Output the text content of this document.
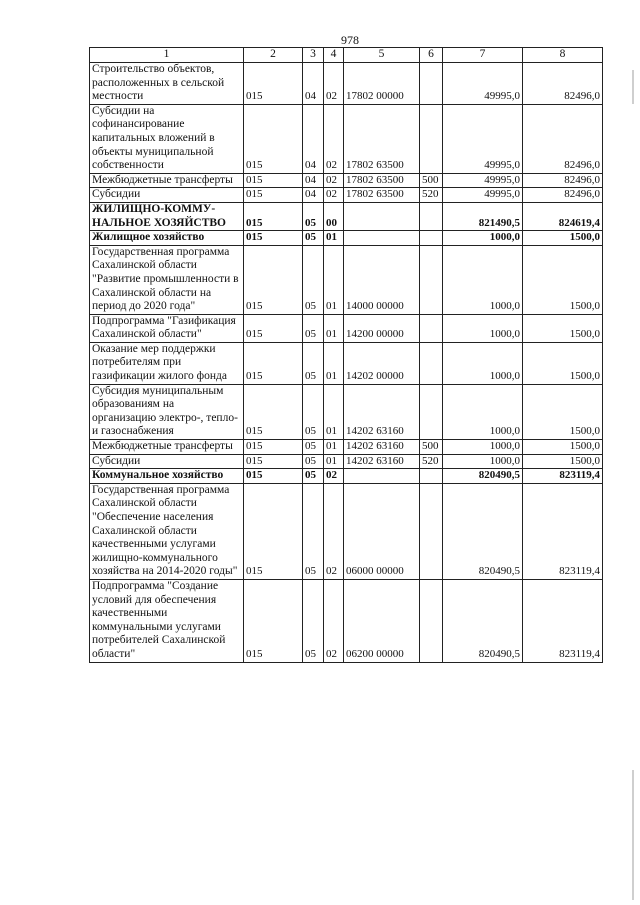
978
1	2	3	4	5	6	7	8
Строительство объектов, расположенных в сельской местности	015	04	02	17802 00000		49995,0	82496,0
Субсидии на софинансирование капитальных вложений в объекты муниципальной собственности	015	04	02	17802 63500		49995,0	82496,0
Межбюджетные трансферты	015	04	02	17802 63500	500	49995,0	82496,0
Субсидии	015	04	02	17802 63500	520	49995,0	82496,0
ЖИЛИЩНО-КОММУ- НАЛЬНОЕ ХОЗЯЙСТВО	015	05	00			821490,5	824619,4
Жилищное хозяйство	015	05	01			1000,0	1500,0
Государственная программа Сахалинской области "Развитие промышленности в Сахалинской области на период до 2020 года"	015	05	01	14000 00000		1000,0	1500,0
Подпрограмма "Газификация Сахалинской области"	015	05	01	14200 00000		1000,0	1500,0
Оказание мер поддержки потребителям при газификации жилого фонда	015	05	01	14202 00000		1000,0	1500,0
Субсидия муниципальным образованиям на организацию электро-, тепло- и газоснабжения	015	05	01	14202 63160		1000,0	1500,0
Межбюджетные трансферты	015	05	01	14202 63160	500	1000,0	1500,0
Субсидии	015	05	01	14202 63160	520	1000,0	1500,0
Коммунальное хозяйство	015	05	02			820490,5	823119,4
Государственная программа Сахалинской области "Обеспечение населения Сахалинской области качественными услугами жилищно-коммунального хозяйства на 2014-2020 годы"	015	05	02	06000 00000		820490,5	823119,4
Подпрограмма "Создание условий для обеспечения качественными коммунальными услугами потребителей Сахалинской области"	015	05	02	06200 00000		820490,5	823119,4
